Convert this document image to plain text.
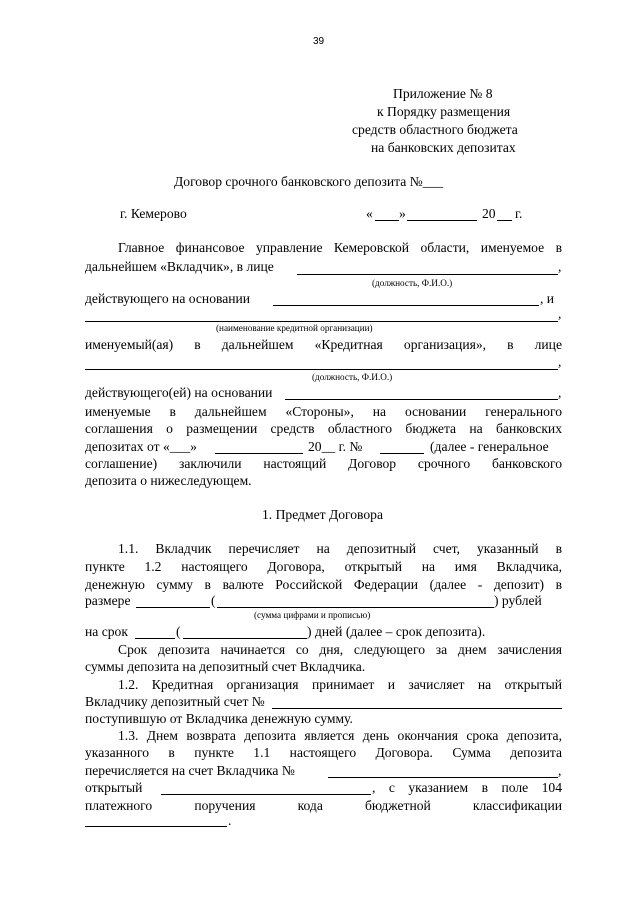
39
Приложение № 8
к Порядку размещения
средств областного бюджета
на банковских депозитах
Договор срочного банковского депозита №___
г. Кемерово	« »	20 г.
Главное финансовое управление Кемеровской области, именуемое в
дальнейшем «Вкладчик», в лице	,
(должность, Ф.И.О.)
действующего на основании	, и
,
(наименование кредитной организации)
именуемый(ая) в дальнейшем «Кредитная организация», в лице
,
(должность, Ф.И.О.)
действующего(ей) на основании	,
именуемые в дальнейшем «Стороны», на основании генерального
соглашения о размещении средств областного бюджета на банковских
депозитах от «___»	20__ г. №	(далее - генеральное
соглашение) заключили настоящий Договор срочного банковского
депозита о нижеследующем.
1. Предмет Договора
1.1. Вкладчик перечисляет на депозитный счет, указанный в
пункте 1.2 настоящего Договора, открытый на имя Вкладчика,
денежную сумму в валюте Российской Федерации (далее - депозит) в
размере	(	) рублей
(сумма цифрами и прописью)
на срок	(	) дней (далее – срок депозита).
Срок депозита начинается со дня, следующего за днем зачисления
суммы депозита на депозитный счет Вкладчика.
1.2. Кредитная организация принимает и зачисляет на открытый
Вкладчику депозитный счет №
поступившую от Вкладчика денежную сумму.
1.3. Днем возврата депозита является день окончания срока депозита,
указанного в пункте 1.1 настоящего Договора. Сумма депозита
перечисляется на счет Вкладчика №	,
открытый	, с указанием в поле 104
платежного	поручения	кода	бюджетной	классификации
.
